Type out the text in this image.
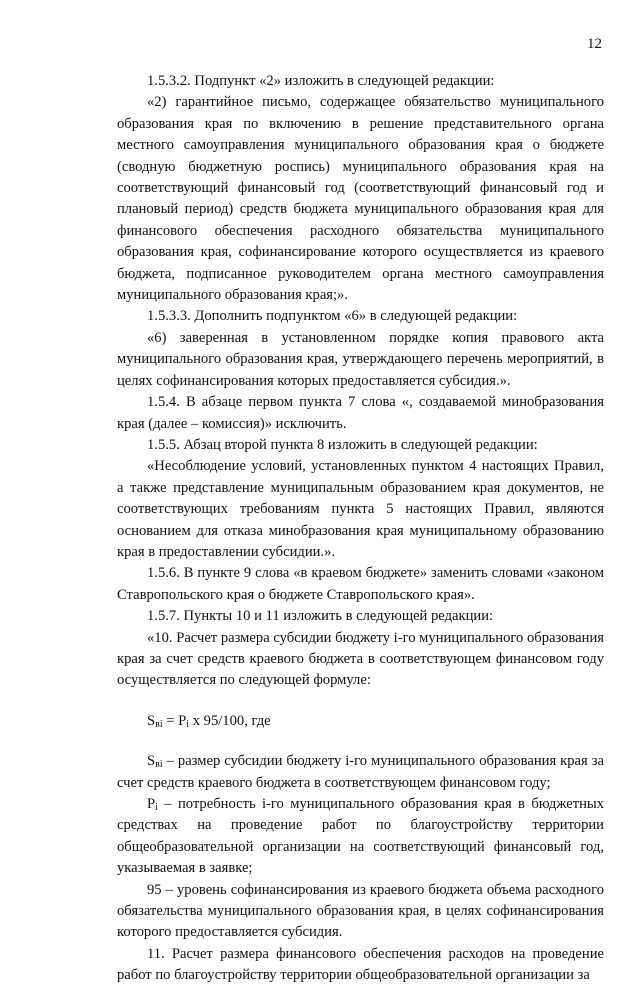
12

1.5.3.2. Подпункт «2» изложить в следующей редакции:

«2) гарантийное письмо, содержащее обязательство муниципального образования края по включению в решение представительного органа местного самоуправления муниципального образования края о бюджете (сводную бюджетную роспись) муниципального образования края на соответствующий финансовый год (соответствующий финансовый год и плановый период) средств бюджета муниципального образования края для финансового обеспечения расходного обязательства муниципального образования края, софинансирование которого осуществляется из краевого бюджета, подписанное руководителем органа местного самоуправления муниципального образования края;».

1.5.3.3. Дополнить подпунктом «6» в следующей редакции:

«6) заверенная в установленном порядке копия правового акта муниципального образования края, утверждающего перечень мероприятий, в целях софинансирования которых предоставляется субсидия.».

1.5.4. В абзаце первом пункта 7 слова «, создаваемой минобразования края (далее – комиссия)» исключить.

1.5.5. Абзац второй пункта 8 изложить в следующей редакции:

«Несоблюдение условий, установленных пунктом 4 настоящих Правил, а также представление муниципальным образованием края документов, не соответствующих требованиям пункта 5 настоящих Правил, являются основанием для отказа минобразования края муниципальному образованию края в предоставлении субсидии.».

1.5.6. В пункте 9 слова «в краевом бюджете» заменить словами «законом Ставропольского края о бюджете Ставропольского края».

1.5.7. Пункты 10 и 11 изложить в следующей редакции:

«10. Расчет размера субсидии бюджету i-го муниципального образования края за счет средств краевого бюджета в соответствующем финансовом году осуществляется по следующей формуле:

$S_{ві} = P_i$ x 95/100, где

$S_{ві}$ – размер субсидии бюджету i-го муниципального образования края за счет средств краевого бюджета в соответствующем финансовом году;

$P_i$ – потребность i-го муниципального образования края в бюджетных средствах на проведение работ по благоустройству территории общеобразовательной организации на соответствующий финансовый год, указываемая в заявке;

95 – уровень софинансирования из краевого бюджета объема расходного обязательства муниципального образования края, в целях софинансирования которого предоставляется субсидия.

11. Расчет размера финансового обеспечения расходов на проведение работ по благоустройству территории общеобразовательной организации за
